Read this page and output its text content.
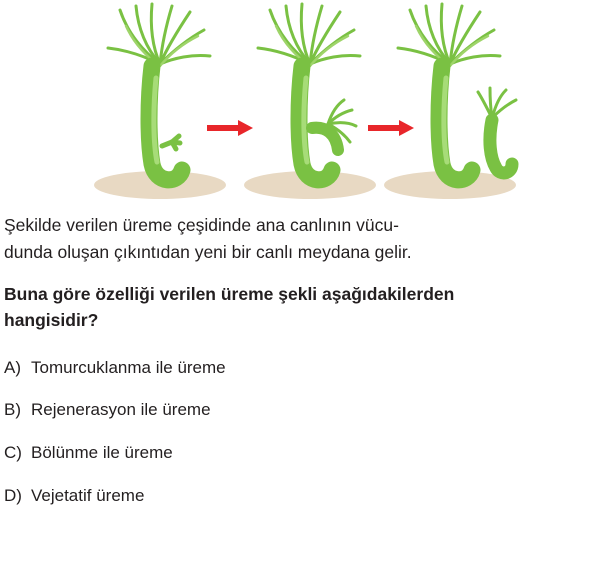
Şekilde verilen üreme çeşidinde ana canlının vücu-
dunda oluşan çıkıntıdan yeni bir canlı meydana gelir.

Buna göre özelliği verilen üreme şekli aşağıdakilerden
hangisidir?

A) Tomurcuklanma ile üreme
B) Rejenerasyon ile üreme
C) Bölünme ile üreme
D) Vejetatif üreme
